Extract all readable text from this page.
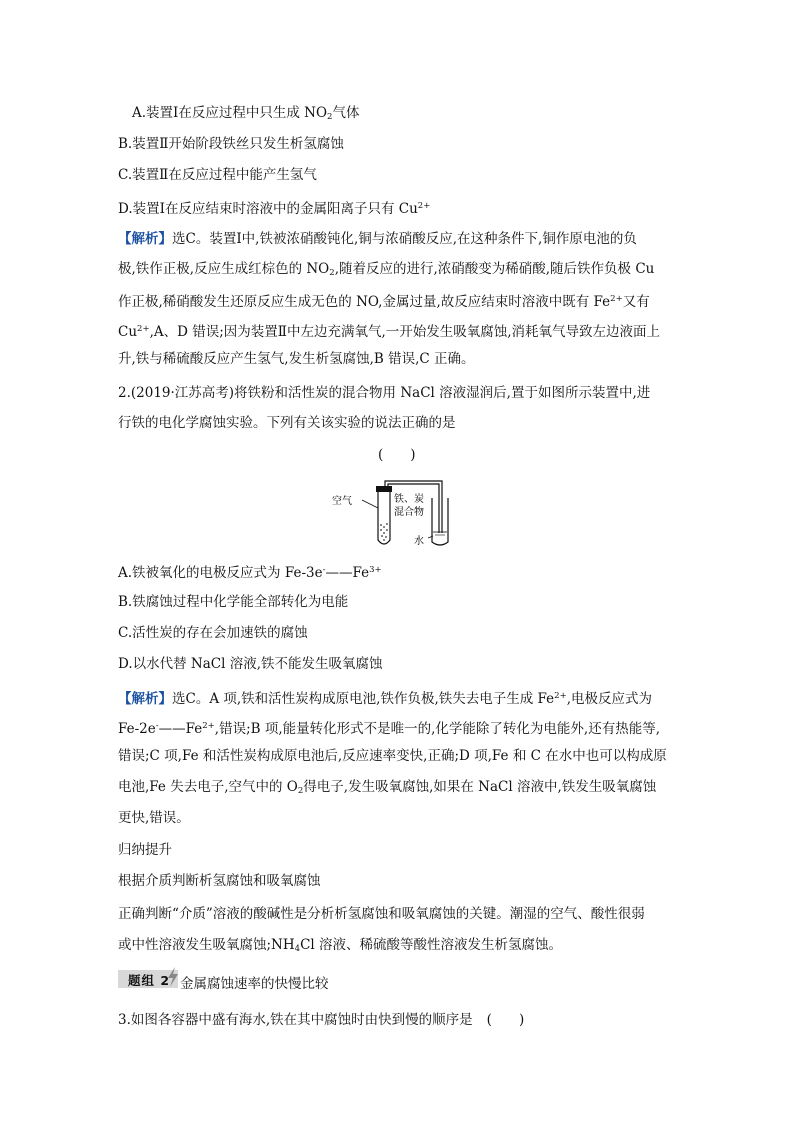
A.装置Ⅰ在反应过程中只生成 $NO_2$气体
B.装置Ⅱ开始阶段铁丝只发生析氢腐蚀
C.装置Ⅱ在反应过程中能产生氢气
D.装置Ⅰ在反应结束时溶液中的金属阳离子只有 $Cu^{2+}$
【解析】选C。装置Ⅰ中,铁被浓硝酸钝化,铜与浓硝酸反应,在这种条件下,铜作原电池的负
极,铁作正极,反应生成红棕色的 $NO_2$,随着反应的进行,浓硝酸变为稀硝酸,随后铁作负极 Cu
作正极,稀硝酸发生还原反应生成无色的 NO,金属过量,故反应结束时溶液中既有 $Fe^{2+}$又有
$Cu^{2+},A$、D 错误;因为装置Ⅱ中左边充满氧气,一开始发生吸氧腐蚀,消耗氧气导致左边液面上
升,铁与稀硫酸反应产生氢气,发生析氢腐蚀,B 错误,C 正确。
2.(2019·江苏高考)将铁粉和活性炭的混合物用 NaCl 溶液湿润后,置于如图所示装置中,进
行铁的电化学腐蚀实验。下列有关该实验的说法正确的是
(　　)
空气	铁、炭
混合物
水
A.铁被氧化的电极反应式为 $Fe-3e^-——Fe^{3+}$
B.铁腐蚀过程中化学能全部转化为电能
C.活性炭的存在会加速铁的腐蚀
D.以水代替 NaCl 溶液,铁不能发生吸氧腐蚀
【解析】选C。A 项,铁和活性炭构成原电池,铁作负极,铁失去电子生成 $Fe^{2+}$,电极反应式为
$Fe-2e^-——Fe^{2+}$,错误;B 项,能量转化形式不是唯一的,化学能除了转化为电能外,还有热能等,
错误;C 项,Fe 和活性炭构成原电池后,反应速率变快,正确;D 项,Fe 和 C 在水中也可以构成原
电池,Fe 失去电子,空气中的 $O_2$得电子,发生吸氧腐蚀,如果在 NaCl 溶液中,铁发生吸氧腐蚀
更快,错误。
归纳提升
根据介质判断析氢腐蚀和吸氧腐蚀
正确判断“介质”溶液的酸碱性是分析析氢腐蚀和吸氧腐蚀的关键。潮湿的空气、酸性很弱
或中性溶液发生吸氧腐蚀$;NH_4Cl$ 溶液、稀硫酸等酸性溶液发生析氢腐蚀。
题组 2 金属腐蚀速率的快慢比较
3.如图各容器中盛有海水,铁在其中腐蚀时由快到慢的顺序是 (　　)
